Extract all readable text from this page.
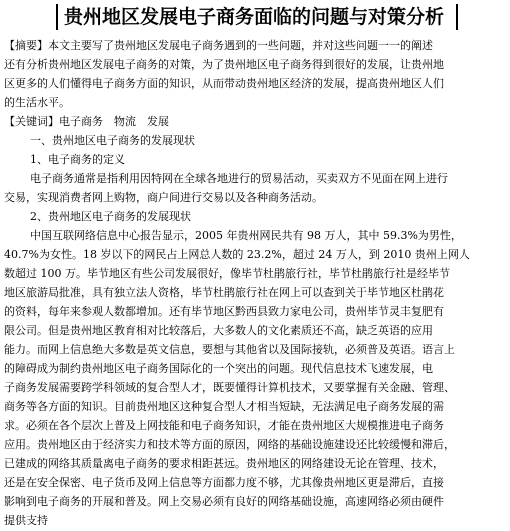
贵州地区发展电子商务面临的问题与对策分析
【摘要】本文主要写了贵州地区发展电子商务遇到的一些问题，并对这些问题一一的阐述
还有分析贵州地区发展电子商务的对策，为了贵州地区电子商务得到很好的发展，让贵州地
区更多的人们懂得电子商务方面的知识，从而带动贵州地区经济的发展，提高贵州地区人们
的生活水平。
【关键词】电子商务　物流　发展
一、贵州地区电子商务的发展现状
1、电子商务的定义
电子商务通常是指利用因特网在全球各地进行的贸易活动，买卖双方不见面在网上进行
交易，实现消费者网上购物，商户间进行交易以及各种商务活动。
2、贵州地区电子商务的发展现状
中国互联网络信息中心报告显示，2005 年贵州网民共有 98 万人，其中 59.3%为男性，
40.7%为女性。18 岁以下的网民占上网总人数的 23.2%，超过 24 万人，到 2010 贵州上网人
数超过 100 万。毕节地区有些公司发展很好，像毕节杜鹃旅行社，毕节杜鹃旅行社是经毕节
地区旅游局批准，具有独立法人资格，毕节杜鹃旅行社在网上可以查到关于毕节地区杜鹃花
的资料，每年来参观人数都增加。还有毕节地区黔西县致力家电公司，贵州毕节灵丰复肥有
限公司。但是贵州地区教育相对比较落后，大多数人的文化素质还不高，缺乏英语的应用
能力。而网上信息绝大多数是英文信息，要想与其他省以及国际接轨，必须普及英语。语言上
的障碍成为制约贵州地区电子商务国际化的一个突出的问题。现代信息技术飞速发展，电
子商务发展需要跨学科领域的复合型人才，既要懂得计算机技术，又要掌握有关金融、管理、
商务等各方面的知识。目前贵州地区这种复合型人才相当短缺，无法满足电子商务发展的需
求。必须在各个层次上普及上网技能和电子商务知识，才能在贵州地区大规模推进电子商务
应用。贵州地区由于经济实力和技术等方面的原因，网络的基础设施建设还比较缓慢和滞后，
已建成的网络其质量离电子商务的要求相距甚远。贵州地区的网络建设无论在管理、技术，
还是在安全保密、电子货币及网上信息等方面都力度不够，尤其像贵州地区更是滞后，直接
影响到电子商务的开展和普及。网上交易必须有良好的网络基础设施，高速网络必须由硬件
提供支持
